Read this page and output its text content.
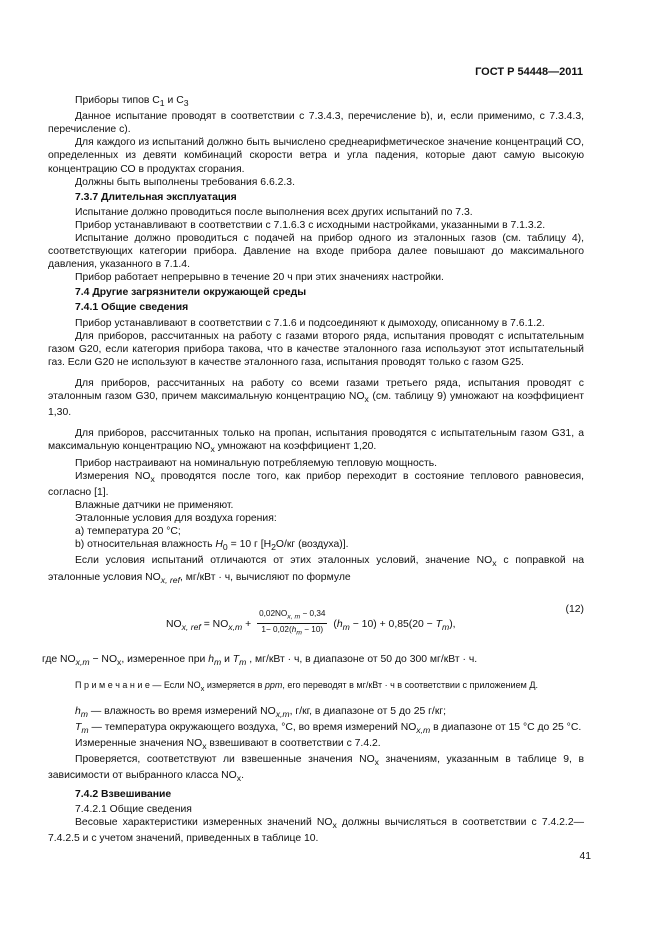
ГОСТ Р 54448—2011

Приборы типов $C_1$ и $C_3$

Данное испытание проводят в соответствии с 7.3.4.3, перечисление b), и, если применимо, с 7.3.4.3, перечисление с).

Для каждого из испытаний должно быть вычислено среднеарифметическое значение концентраций СО, определенных из девяти комбинаций скорости ветра и угла падения, которые дают самую высокую концентрацию СО в продуктах сгорания.

Должны быть выполнены требования 6.6.2.3.

7.3.7 Длительная эксплуатация

Испытание должно проводиться после выполнения всех других испытаний по 7.3.

Прибор устанавливают в соответствии с 7.1.6.3 с исходными настройками, указанными в 7.1.3.2.

Испытание должно проводиться с подачей на прибор одного из эталонных газов (см. таблицу 4), соответствующих категории прибора. Давление на входе прибора далее повышают до максимального давления, указанного в 7.1.4.

Прибор работает непрерывно в течение 20 ч при этих значениях настройки.

7.4 Другие загрязнители окружающей среды

7.4.1 Общие сведения

Прибор устанавливают в соответствии с 7.1.6 и подсоединяют к дымоходу, описанному в 7.6.1.2.

Для приборов, рассчитанных на работу с газами второго ряда, испытания проводят с испытательным газом G20, если категория прибора такова, что в качестве эталонного газа используют этот испытательный газ. Если G20 не используют в качестве эталонного газа, испытания проводят только с газом G25.

Для приборов, рассчитанных на работу со всеми газами третьего ряда, испытания проводят с эталонным газом G30, причем максимальную концентрацию $NO_x$ (см. таблицу 9) умножают на коэффициент 1,30.

Для приборов, рассчитанных только на пропан, испытания проводятся с испытательным газом G31, а максимальную концентрацию $NO_x$ умножают на коэффициент 1,20.

Прибор настраивают на номинальную потребляемую тепловую мощность.

Измерения $NO_x$ проводятся после того, как прибор переходит в состояние теплового равновесия, согласно [1].

Влажные датчики не применяют.

Эталонные условия для воздуха горения:

a) температура 20 °С;

b) относительная влажность $H_0 = 10$ г [$H_2O/кг$ (воздуха)].

Если условия испытаний отличаются от этих эталонных условий, значение $NO_x$ с поправкой на эталонные условия $NO_{x, ref}$, мг/кВт · ч, вычисляют по формуле

$NO_{x, ref} = NO_{x,m} + \frac{0,02NO_{x, m} - 0,34}{1- 0,02(h_m - 10)} (h_m - 10) + 0,85(20 - T_m)$,
(12)

где $NO_{x,m} - NO_x$, измеренное при $h_m$ и $T_m$ , мг/кВт · ч, в диапазоне от 50 до 300 мг/кВт · ч.

П р и м е ч а н и е — Если $NO_x$ измеряется в ppm, его переводят в мг/кВт · ч в соответствии с приложением Д.

$h_m$ — влажность во время измерений $NO_{x,m}$, г/кг, в диапазоне от 5 до 25 г/кг;

$T_m$ — температура окружающего воздуха, °С, во время измерений $NO_{x,m}$ в диапазоне от 15 °С до 25 °С.

Измеренные значения $NO_x$ взвешивают в соответствии с 7.4.2.

Проверяется, соответствуют ли взвешенные значения $NO_x$ значениям, указанным в таблице 9, в зависимости от выбранного класса $NO_x$.

7.4.2 Взвешивание

7.4.2.1 Общие сведения

Весовые характеристики измеренных значений $NO_x$ должны вычисляться в соответствии с 7.4.2.2—7.4.2.5 и с учетом значений, приведенных в таблице 10.

41
